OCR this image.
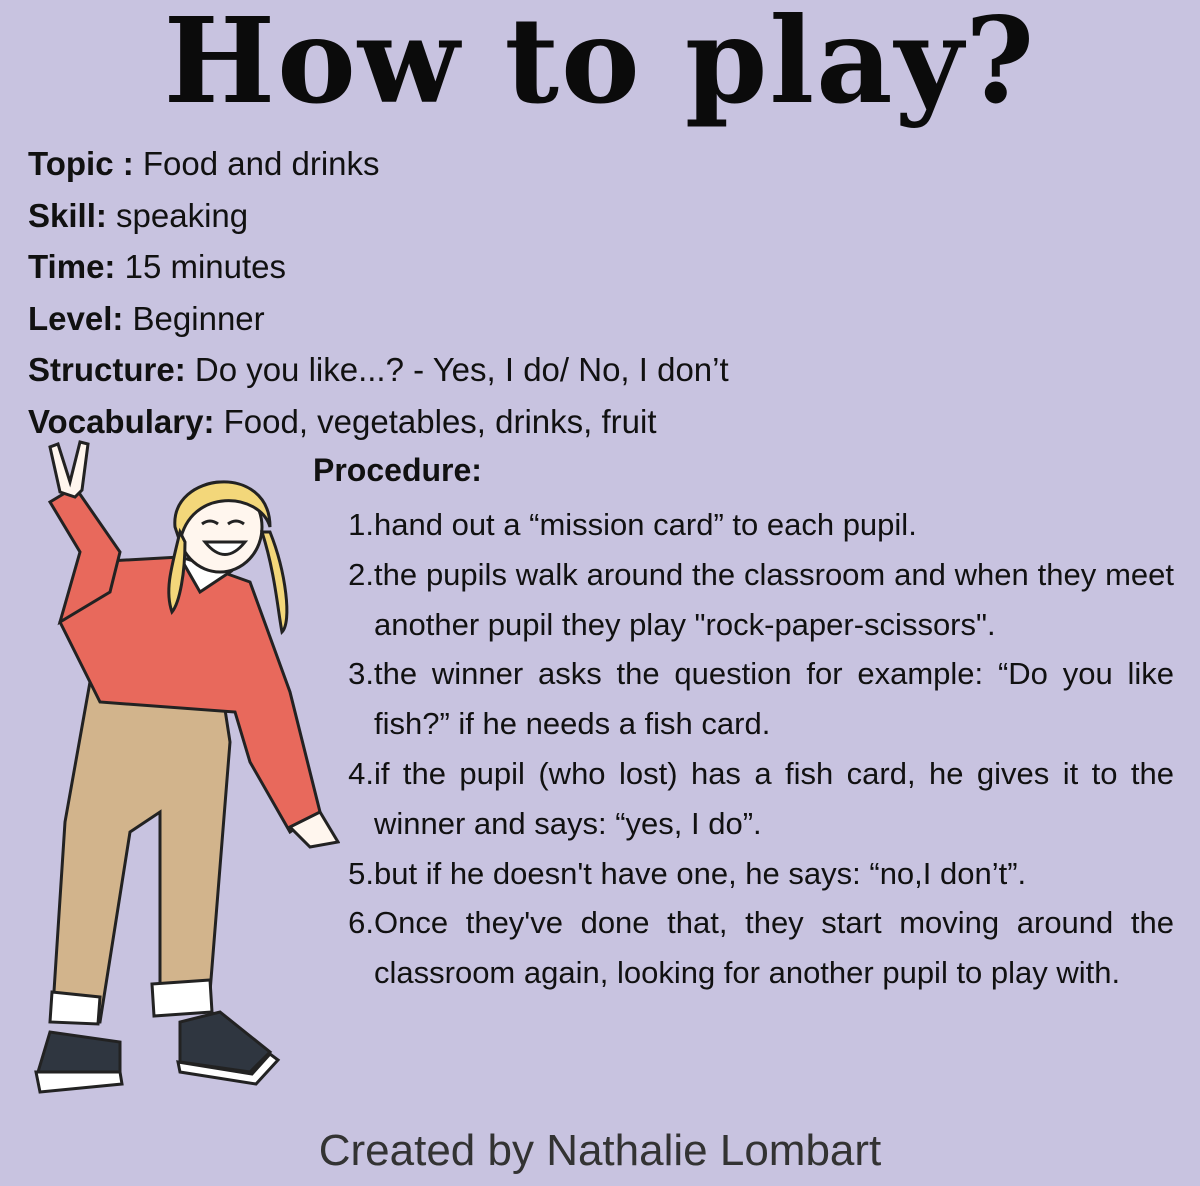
How to play?
Topic : Food and drinks
Skill: speaking
Time: 15 minutes
Level: Beginner
Structure: Do you like...? - Yes, I do/ No, I don’t
Vocabulary: Food, vegetables, drinks, fruit
Procedure:
1. hand out a “mission card” to each pupil.
2. the pupils walk around the classroom and when they meet another pupil they play "rock-paper-scissors".
3. the winner asks the question for example: “Do you like fish?” if he needs a fish card.
4. if the pupil (who lost) has a fish card, he gives it to the winner and says: “yes, I do”.
5. but if he doesn't have one, he says: “no,I don’t”.
6. Once they've done that, they start moving around the classroom again, looking for another pupil to play with.
Created by Nathalie Lombart
